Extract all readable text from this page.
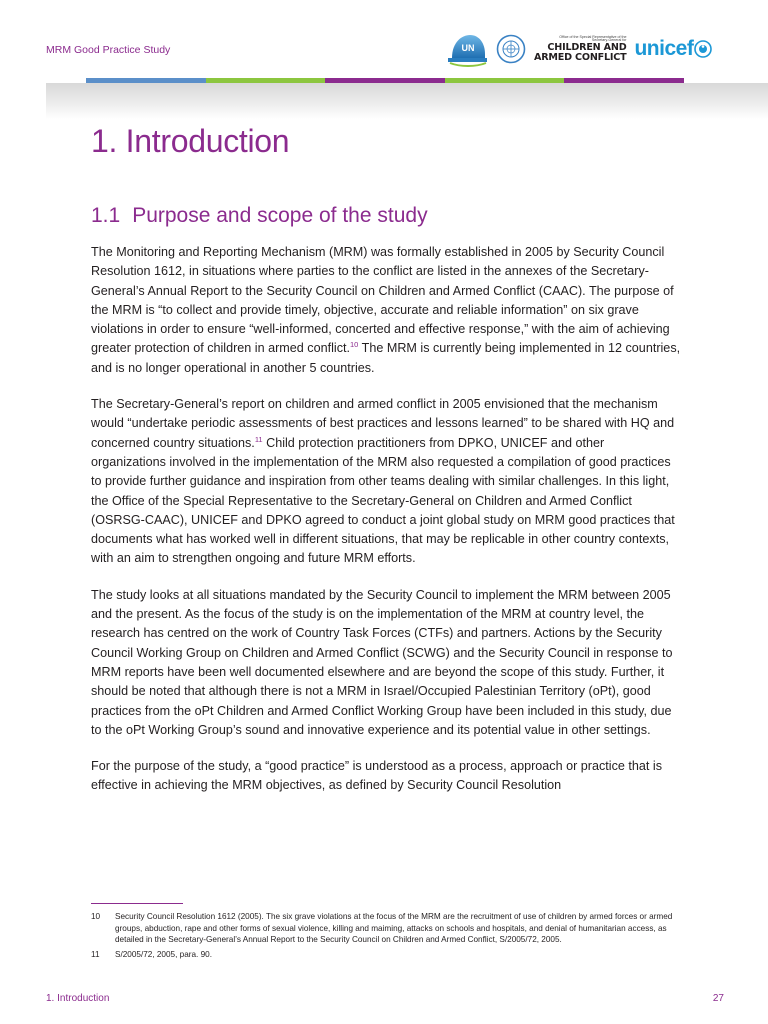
MRM Good Practice Study	UN
Office of the Special Representative of the Secretary-General for
CHILDREN AND
ARMED CONFLICT unicef
1. Introduction
1.1 Purpose and scope of the study

The Monitoring and Reporting Mechanism (MRM) was formally established in 2005 by Security Council Resolution 1612, in situations where parties to the conflict are listed in the annexes of the Secretary-General’s Annual Report to the Security Council on Children and Armed Conflict (CAAC). The purpose of the MRM is “to collect and provide timely, objective, accurate and reliable information” on six grave violations in order to ensure “well-informed, concerted and effective response,” with the aim of achieving greater protection of children in armed conflict.$^{10}$ The MRM is currently being implemented in 12 countries, and is no longer operational in another 5 countries.

The Secretary-General’s report on children and armed conflict in 2005 envisioned that the mechanism would “undertake periodic assessments of best practices and lessons learned” to be shared with HQ and concerned country situations.$^{11}$ Child protection practitioners from DPKO, UNICEF and other organizations involved in the implementation of the MRM also requested a compilation of good practices to provide further guidance and inspiration from other teams dealing with similar challenges. In this light, the Office of the Special Representative to the Secretary-General on Children and Armed Conflict (OSRSG-CAAC), UNICEF and DPKO agreed to conduct a joint global study on MRM good practices that documents what has worked well in different situations, that may be replicable in other country contexts, with an aim to strengthen ongoing and future MRM efforts.

The study looks at all situations mandated by the Security Council to implement the MRM between 2005 and the present. As the focus of the study is on the implementation of the MRM at country level, the research has centred on the work of Country Task Forces (CTFs) and partners. Actions by the Security Council Working Group on Children and Armed Conflict (SCWG) and the Security Council in response to MRM reports have been well documented elsewhere and are beyond the scope of this study. Further, it should be noted that although there is not a MRM in Israel/Occupied Palestinian Territory (oPt), good practices from the oPt Children and Armed Conflict Working Group have been included in this study, due to the oPt Working Group’s sound and innovative experience and its potential value in other settings.

For the purpose of the study, a “good practice” is understood as a process, approach or practice that is effective in achieving the MRM objectives, as defined by Security Council Resolution

10	Security Council Resolution 1612 (2005). The six grave violations at the focus of the MRM are the recruitment of use of children by armed forces or armed groups, abduction, rape and other forms of sexual violence, killing and maiming, attacks on schools and hospitals, and denial of humanitarian access, as detailed in the Secretary-General’s Annual Report to the Security Council on Children and Armed Conflict, S/2005/72, 2005.
11	S/2005/72, 2005, para. 90.
1. Introduction	27
